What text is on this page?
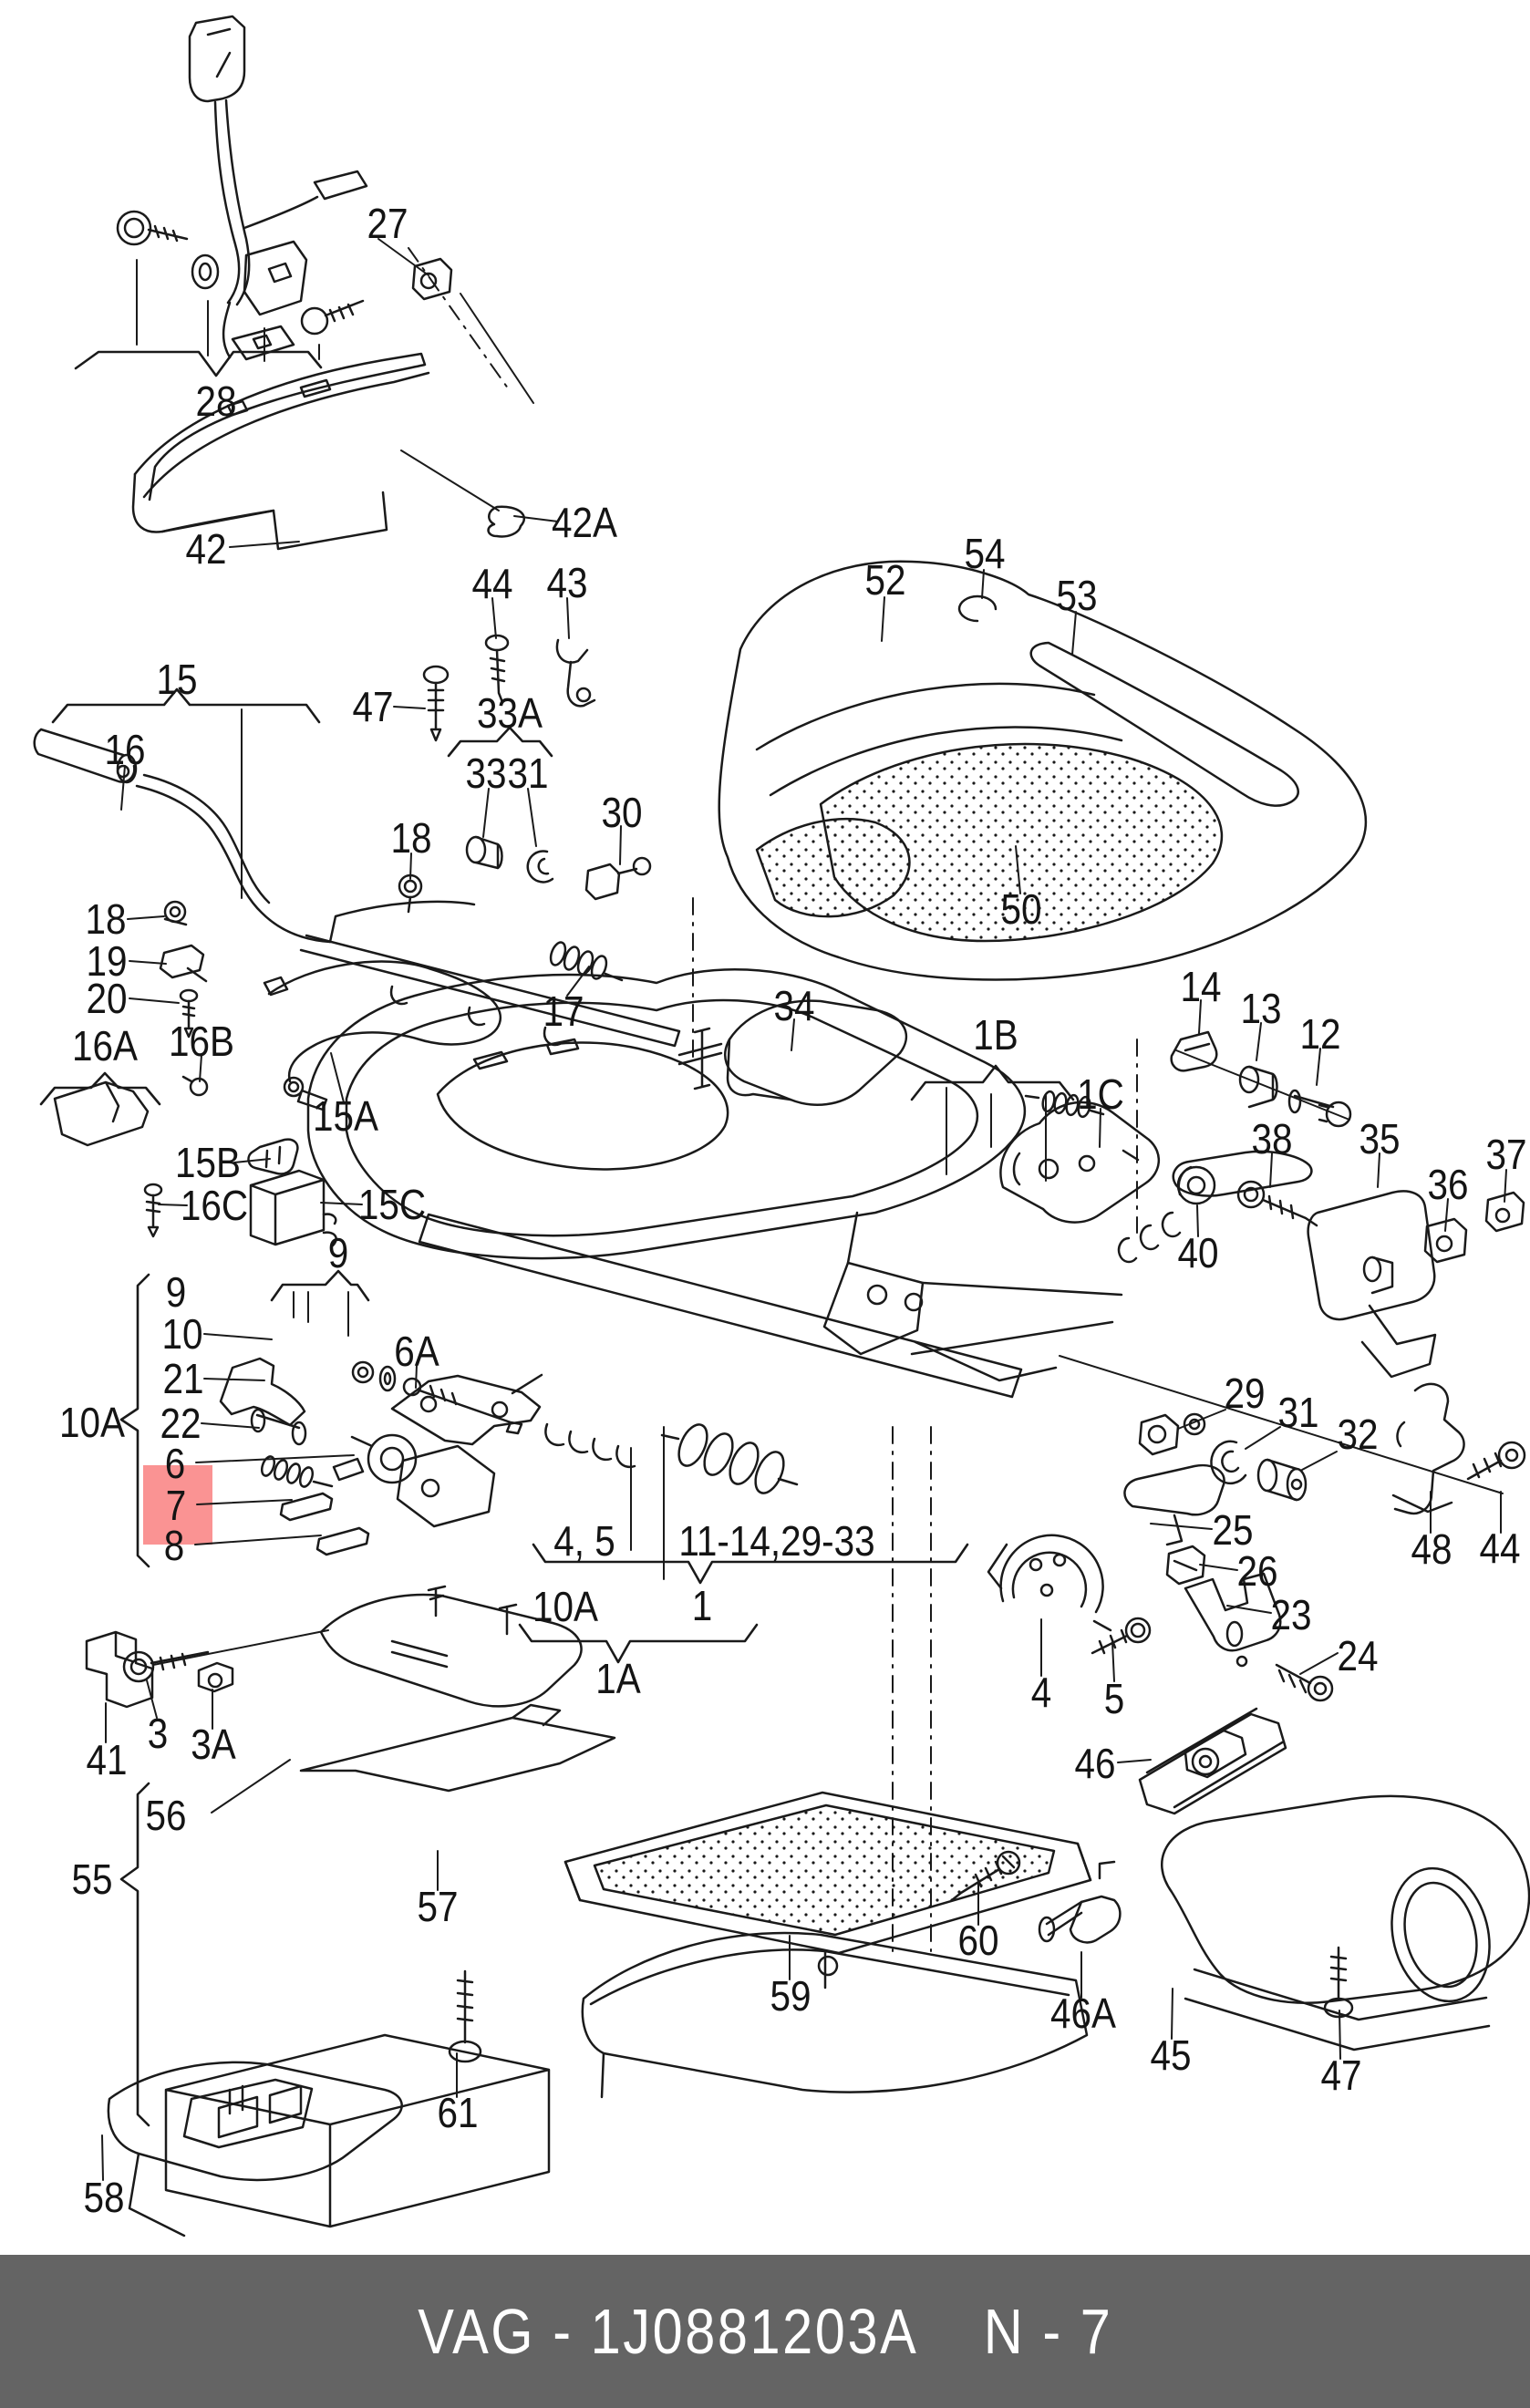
27
28
42
42A
44 43
47 33A
33 31
30
15
16
18
18
19
20	17
16A 16B
15A
15B
16C	15C
9
9
10
21
10A 22
6
7
8
6A
34
1B
1C
52
54
53
50
14 13
12
38 35 37
36
40
29 31 32
48 44
25
26
23
24
4 5
46
4, 5 11-14,29-33
10A 1
1A
41
3 3A
56
55
57
59
61
58
60
46A
45	47
VAG - 1J0881203A N - 7
